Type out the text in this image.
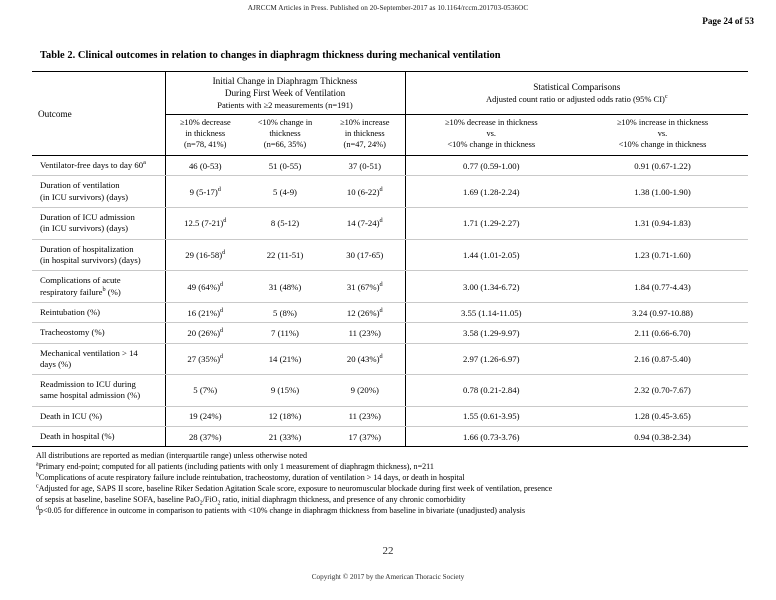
AJRCCM Articles in Press. Published on 20-September-2017 as 10.1164/rccm.201703-0536OC
Page 24 of 53
Table 2. Clinical outcomes in relation to changes in diaphragm thickness during mechanical ventilation
Outcome	Initial Change in Diaphragm Thickness
During First Week of Ventilation
Patients with ≥2 measurements (n=191)			Statistical Comparisons
Adjusted count ratio or adjusted odds ratio (95% CI)$^c$
	≥10% decrease
in thickness
(n=78, 41%)	<10% change in
thickness
(n=66, 35%)	≥10% increase
in thickness
(n=47, 24%)	≥10% decrease in thickness
vs.
<10% change in thickness	≥10% increase in thickness
vs.
<10% change in thickness
Ventilator-free days to day 60$^a$	46 (0-53)	51 (0-55)	37 (0-51)	0.77 (0.59-1.00)	0.91 (0.67-1.22)
Duration of ventilation
(in ICU survivors) (days)	9 $(5-17)^d$	5 (4-9)	10 $(6-22)^d$	1.69 (1.28-2.24)	1.38 (1.00-1.90)
Duration of ICU admission
(in ICU survivors) (days)	12.5 $(7-21)^d$	8 (5-12)	14 $(7-24)^d$	1.71 (1.29-2.27)	1.31 (0.94-1.83)
Duration of hospitalization
(in hospital survivors) (days)	29 $(16-58)^d$	22 (11-51)	30 (17-65)	1.44 (1.01-2.05)	1.23 (0.71-1.60)
Complications of acute
respiratory failure$^b$ (%)	49 $(64\%)^d$	31 (48%)	31 $(67\%)^d$	3.00 (1.34-6.72)	1.84 (0.77-4.43)
Reintubation (%)	16 $(21\%)^d$	5 (8%)	12 $(26\%)^d$	3.55 (1.14-11.05)	3.24 (0.97-10.88)
Tracheostomy (%)	20 $(26\%)^d$	7 (11%)	11 (23%)	3.58 (1.29-9.97)	2.11 (0.66-6.70)
Mechanical ventilation > 14
days (%)	27 $(35\%)^d$	14 (21%)	20 $(43\%)^d$	2.97 (1.26-6.97)	2.16 (0.87-5.40)
Readmission to ICU during
same hospital admission (%)	5 (7%)	9 (15%)	9 (20%)	0.78 (0.21-2.84)	2.32 (0.70-7.67)
Death in ICU (%)	19 (24%)	12 (18%)	11 (23%)	1.55 (0.61-3.95)	1.28 (0.45-3.65)
Death in hospital (%)	28 (37%)	21 (33%)	17 (37%)	1.66 (0.73-3.76)	0.94 (0.38-2.34)
All distributions are reported as median (interquartile range) unless otherwise noted
$^a$Primary end-point; computed for all patients (including patients with only 1 measurement of diaphragm thickness), n=211
$^b$Complications of acute respiratory failure include reintubation, tracheostomy, duration of ventilation > 14 days, or death in hospital
$^c$Adjusted for age, SAPS II score, baseline Riker Sedation Agitation Scale score, exposure to neuromuscular blockade during first week of ventilation, presence
of sepsis at baseline, baseline SOFA, baseline PaO$_2$/FiO$_2$ ratio, initial diaphragm thickness, and presence of any chronic comorbidity
$^d$p<0.05 for difference in outcome in comparison to patients with <10% change in diaphragm thickness from baseline in bivariate (unadjusted) analysis
22
Copyright © 2017 by the American Thoracic Society
